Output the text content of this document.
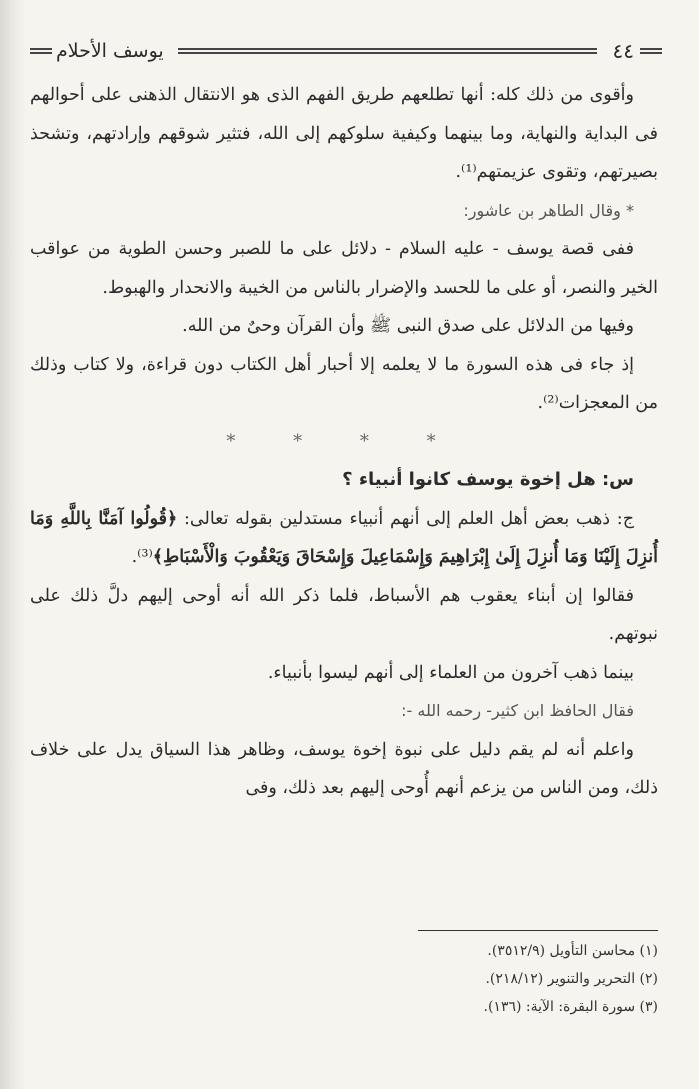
يوسف الأحلام	٤٤

وأقوى من ذلك كله: أنها تطلعهم طريق الفهم الذى هو الانتقال الذهنى على أحوالهم فى البداية والنهاية، وما بينهما وكيفية سلوكهم إلى الله، فتثير شوقهم وإرادتهم، وتشحذ بصيرتهم، وتقوى عزيمتهم⁽¹⁾.

* وقال الطاهر بن عاشور:

ففى قصة يوسف - عليه السلام - دلائل على ما للصبر وحسن الطوية من عواقب الخير والنصر، أو على ما للحسد والإضرار بالناس من الخيبة والانحدار والهبوط.

وفيها من الدلائل على صدق النبى ﷺ وأن القرآن وحىٌ من الله.

إذ جاء فى هذه السورة ما لا يعلمه إلا أحبار أهل الكتاب دون قراءة، ولا كتاب وذلك من المعجزات⁽²⁾.

* * * *

س: هل إخوة يوسف كانوا أنبياء ؟

ج: ذهب بعض أهل العلم إلى أنهم أنبياء مستدلين بقوله تعالى: ﴿قُولُوا آمَنَّا بِاللَّهِ وَمَا أُنزِلَ إِلَيْنَا وَمَا أُنزِلَ إِلَىٰ إِبْرَاهِيمَ وَإِسْمَاعِيلَ وَإِسْحَاقَ وَيَعْقُوبَ وَالْأَسْبَاطِ﴾⁽³⁾.

فقالوا إن أبناء يعقوب هم الأسباط، فلما ذكر الله أنه أوحى إليهم دلَّ ذلك على نبوتهم.

بينما ذهب آخرون من العلماء إلى أنهم ليسوا بأنبياء.

فقال الحافظ ابن كثير- رحمه الله -:

واعلم أنه لم يقم دليل على نبوة إخوة يوسف، وظاهر هذا السياق يدل على خلاف ذلك، ومن الناس من يزعم أنهم أُوحى إليهم بعد ذلك، وفى

(١) محاسن التأويل (٣٥١٢/٩).

(٢) التحرير والتنوير (٢١٨/١٢).

(٣) سورة البقرة: الآية: (١٣٦).
